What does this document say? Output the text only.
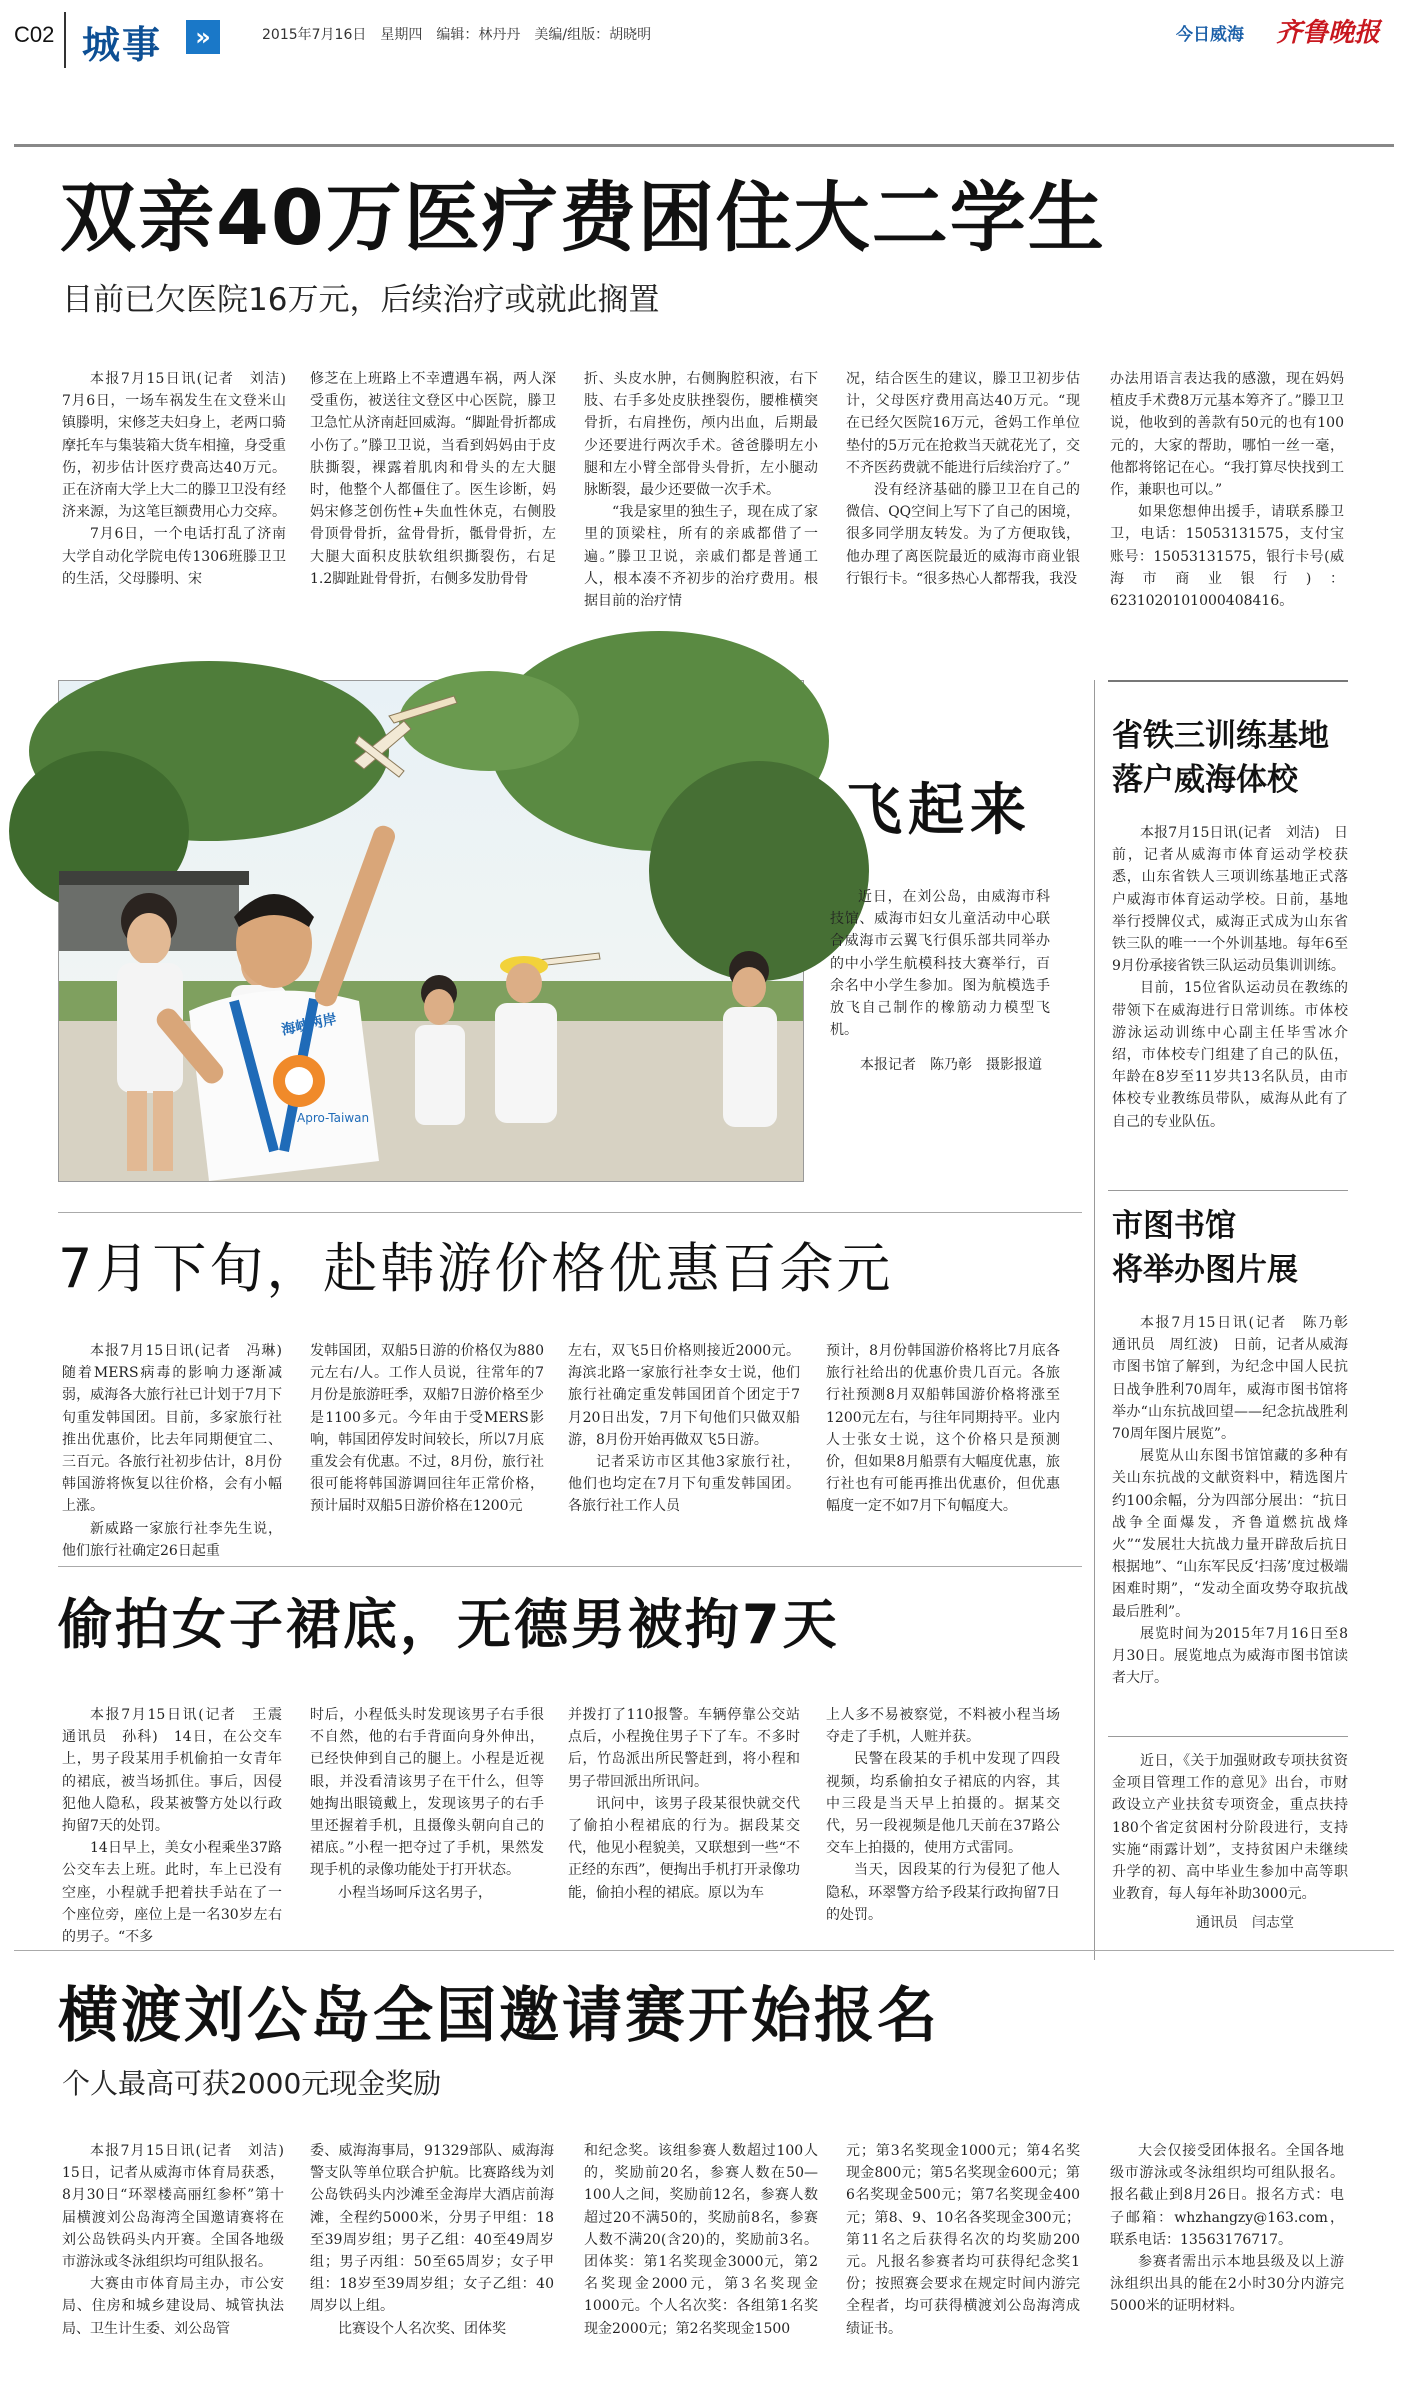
C02 城事	»	2015年7月16日　星期四　编辑：林丹丹　美编/组版：胡晓明	今日威海 齐鲁晚报
双亲40万医疗费困住大二学生
目前已欠医院16万元，后续治疗或就此搁置

本报7月15日讯(记者　刘洁)　7月6日，一场车祸发生在文登米山镇滕明，宋修芝夫妇身上，老两口骑摩托车与集装箱大货车相撞，身受重伤，初步估计医疗费高达40万元。正在济南大学上大二的滕卫卫没有经济来源，为这笔巨额费用心力交瘁。

7月6日，一个电话打乱了济南大学自动化学院电传1306班滕卫卫的生活，父母滕明、宋

修芝在上班路上不幸遭遇车祸，两人深受重伤，被送往文登区中心医院，滕卫卫急忙从济南赶回威海。“脚趾骨折都成小伤了。”滕卫卫说，当看到妈妈由于皮肤撕裂，裸露着肌肉和骨头的左大腿时，他整个人都僵住了。医生诊断，妈妈宋修芝创伤性+失血性休克，右侧股骨顶骨骨折，盆骨骨折，骶骨骨折，左大腿大面积皮肤软组织撕裂伤，右足1.2脚趾趾骨骨折，右侧多发肋骨骨

折、头皮水肿，右侧胸腔积液，右下肢、右手多处皮肤挫裂伤，腰椎横突骨折，右肩挫伤，颅内出血，后期最少还要进行两次手术。爸爸滕明左小腿和左小臂全部骨头骨折，左小腿动脉断裂，最少还要做一次手术。

“我是家里的独生子，现在成了家里的顶梁柱，所有的亲戚都借了一遍。”滕卫卫说，亲戚们都是普通工人，根本凑不齐初步的治疗费用。根据目前的治疗情

况，结合医生的建议，滕卫卫初步估计，父母医疗费用高达40万元。“现在已经欠医院16万元，爸妈工作单位垫付的5万元在抢救当天就花光了，交不齐医药费就不能进行后续治疗了。”

没有经济基础的滕卫卫在自己的微信、QQ空间上写下了自己的困境，很多同学朋友转发。为了方便取钱，他办理了离医院最近的威海市商业银行银行卡。“很多热心人都帮我，我没

办法用语言表达我的感激，现在妈妈植皮手术费8万元基本筹齐了。”滕卫卫说，他收到的善款有50元的也有100元的，大家的帮助，哪怕一丝一毫，他都将铭记在心。“我打算尽快找到工作，兼职也可以。”

如果您想伸出援手，请联系滕卫卫，电话：15053131575，支付宝账号：15053131575，银行卡号(威海市商业银行)：6231020101000408416。

海峡两岸
Apro-Taiwan
飞起来

近日，在刘公岛，由威海市科技馆、威海市妇女儿童活动中心联合威海市云翼飞行俱乐部共同举办的中小学生航模科技大赛举行，百余名中小学生参加。图为航模选手放飞自己制作的橡筋动力模型飞机。

本报记者　陈乃彰　摄影报道
省铁三训练基地
落户威海体校

本报7月15日讯(记者　刘洁)　日前，记者从威海市体育运动学校获悉，山东省铁人三项训练基地正式落户威海市体育运动学校。日前，基地举行授牌仪式，威海正式成为山东省铁三队的唯一一个外训基地。每年6至9月份承接省铁三队运动员集训训练。

目前，15位省队运动员在教练的带领下在威海进行日常训练。市体校游泳运动训练中心副主任毕雪冰介绍，市体校专门组建了自己的队伍，年龄在8岁至11岁共13名队员，由市体校专业教练员带队，威海从此有了自己的专业队伍。

市图书馆
将举办图片展

本报7月15日讯(记者　陈乃彰　通讯员　周红波)　日前，记者从威海市图书馆了解到，为纪念中国人民抗日战争胜利70周年，威海市图书馆将举办“山东抗战回望——纪念抗战胜利70周年图片展览”。

展览从山东图书馆馆藏的多种有关山东抗战的文献资料中，精选图片约100余幅，分为四部分展出：“抗日战争全面爆发，齐鲁道燃抗战烽火”“发展壮大抗战力量开辟敌后抗日根据地”、“山东军民反‘扫荡’度过极端困难时期”，“发动全面攻势夺取抗战最后胜利”。

展览时间为2015年7月16日至8月30日。展览地点为威海市图书馆读者大厅。

近日，《关于加强财政专项扶贫资金项目管理工作的意见》出台，市财政设立产业扶贫专项资金，重点扶持180个省定贫困村分阶段进行，支持实施“雨露计划”，支持贫困户未继续升学的初、高中毕业生参加中高等职业教育，每人每年补助3000元。

通讯员　闫志堂
7月下旬，赴韩游价格优惠百余元

本报7月15日讯(记者　冯琳)　随着MERS病毒的影响力逐渐减弱，威海各大旅行社已计划于7月下旬重发韩国团。目前，多家旅行社推出优惠价，比去年同期便宜二、三百元。各旅行社初步估计，8月份韩国游将恢复以往价格，会有小幅上涨。

新威路一家旅行社李先生说，他们旅行社确定26日起重

发韩国团，双船5日游的价格仅为880元左右/人。工作人员说，往常年的7月份是旅游旺季，双船7日游价格至少是1100多元。今年由于受MERS影响，韩国团停发时间较长，所以7月底重发会有优惠。不过，8月份，旅行社很可能将韩国游调回往年正常价格，预计届时双船5日游价格在1200元

左右，双飞5日价格则接近2000元。海滨北路一家旅行社李女士说，他们旅行社确定重发韩国团首个团定于7月20日出发，7月下旬他们只做双船游，8月份开始再做双飞5日游。

记者采访市区其他3家旅行社，他们也均定在7月下旬重发韩国团。各旅行社工作人员

预计，8月份韩国游价格将比7月底各旅行社给出的优惠价贵几百元。各旅行社预测8月双船韩国游价格将涨至1200元左右，与往年同期持平。业内人士张女士说，这个价格只是预测价，但如果8月船票有大幅度优惠，旅行社也有可能再推出优惠价，但优惠幅度一定不如7月下旬幅度大。

偷拍女子裙底，无德男被拘7天

本报7月15日讯(记者　王震　通讯员　孙科)　14日，在公交车上，男子段某用手机偷拍一女青年的裙底，被当场抓住。事后，因侵犯他人隐私，段某被警方处以行政拘留7天的处罚。

14日早上，美女小程乘坐37路公交车去上班。此时，车上已没有空座，小程就手把着扶手站在了一个座位旁，座位上是一名30岁左右的男子。“不多

时后，小程低头时发现该男子右手很不自然，他的右手背面向身外伸出，已经快伸到自己的腿上。小程是近视眼，并没看清该男子在干什么，但等她掏出眼镜戴上，发现该男子的右手里还握着手机，且摄像头朝向自己的裙底。”小程一把夺过了手机，果然发现手机的录像功能处于打开状态。

小程当场呵斥这名男子，

并拨打了110报警。车辆停靠公交站点后，小程挽住男子下了车。不多时后，竹岛派出所民警赶到，将小程和男子带回派出所讯问。

讯问中，该男子段某很快就交代了偷拍小程裙底的行为。据段某交代，他见小程貌美，又联想到一些“不正经的东西”，便掏出手机打开录像功能，偷拍小程的裙底。原以为车

上人多不易被察觉，不料被小程当场夺走了手机，人赃并获。

民警在段某的手机中发现了四段视频，均系偷拍女子裙底的内容，其中三段是当天早上拍摄的。据某交代，另一段视频是他几天前在37路公交车上拍摄的，使用方式雷同。

当天，因段某的行为侵犯了他人隐私，环翠警方给予段某行政拘留7日的处罚。

横渡刘公岛全国邀请赛开始报名
个人最高可获2000元现金奖励

本报7月15日讯(记者　刘洁)　15日，记者从威海市体育局获悉，8月30日“环翠楼高丽红参杯”第十届横渡刘公岛海湾全国邀请赛将在刘公岛铁码头内开赛。全国各地级市游泳或冬泳组织均可组队报名。

大赛由市体育局主办，市公安局、住房和城乡建设局、城管执法局、卫生计生委、刘公岛管

委、威海海事局，91329部队、威海海警支队等单位联合护航。比赛路线为刘公岛铁码头内沙滩至金海岸大酒店前海滩，全程约5000米，分男子甲组：18至39周岁组；男子乙组：40至49周岁组；男子丙组：50至65周岁；女子甲组：18岁至39周岁组；女子乙组：40周岁以上组。

比赛设个人名次奖、团体奖

和纪念奖。该组参赛人数超过100人的，奖励前20名，参赛人数在50—100人之间，奖励前12名，参赛人数超过20不满50的，奖励前8名，参赛人数不满20(含20)的，奖励前3名。团体奖：第1名奖现金3000元，第2名奖现金2000元，第3名奖现金1000元。个人名次奖：各组第1名奖现金2000元；第2名奖现金1500

元；第3名奖现金1000元；第4名奖现金800元；第5名奖现金600元；第6名奖现金500元；第7名奖现金400元；第8、9、10名各奖现金300元；第11名之后获得名次的均奖励200元。凡报名参赛者均可获得纪念奖1份；按照赛会要求在规定时间内游完全程者，均可获得横渡刘公岛海湾成绩证书。

大会仅接受团体报名。全国各地级市游泳或冬泳组织均可组队报名。报名截止到8月26日。报名方式：电子邮箱：whzhangzy@163.com，联系电话：13563176717。

参赛者需出示本地县级及以上游泳组织出具的能在2小时30分内游完5000米的证明材料。
